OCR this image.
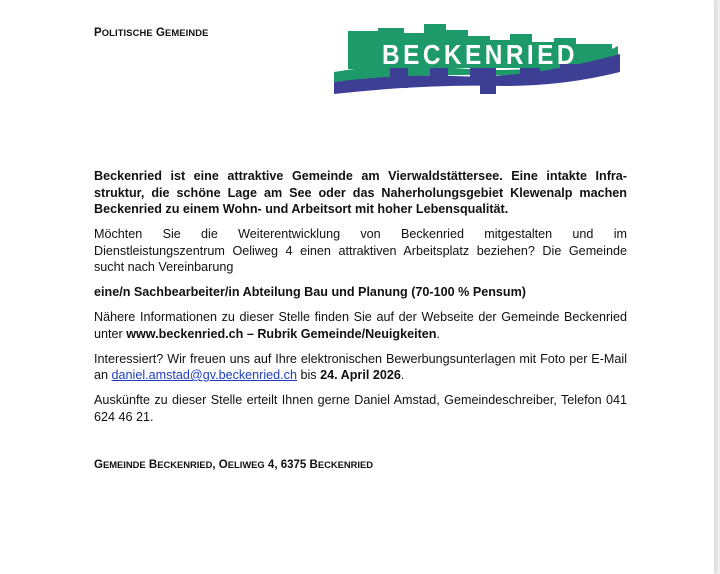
POLITISCHE GEMEINDE
BECKENRIED

Beckenried ist eine attraktive Gemeinde am Vierwaldstättersee. Eine intakte Infra-struktur, die schöne Lage am See oder das Naherholungsgebiet Klewenalp machen Beckenried zu einem Wohn- und Arbeitsort mit hoher Lebensqualität.

Möchten Sie die Weiterentwicklung von Beckenried mitgestalten und im Dienstleistungszentrum Oeliweg 4 einen attraktiven Arbeitsplatz beziehen? Die Gemeinde sucht nach Vereinbarung

eine/n Sachbearbeiter/in Abteilung Bau und Planung (70-100 % Pensum)

Nähere Informationen zu dieser Stelle finden Sie auf der Webseite der Gemeinde Beckenried unter www.beckenried.ch – Rubrik Gemeinde/Neuigkeiten.

Interessiert? Wir freuen uns auf Ihre elektronischen Bewerbungsunterlagen mit Foto per E-Mail an daniel.amstad@gv.beckenried.ch bis 24. April 2026.

Auskünfte zu dieser Stelle erteilt Ihnen gerne Daniel Amstad, Gemeindeschreiber, Telefon 041 624 46 21.

GEMEINDE BECKENRIED, OELIWEG 4, 6375 BECKENRIED
